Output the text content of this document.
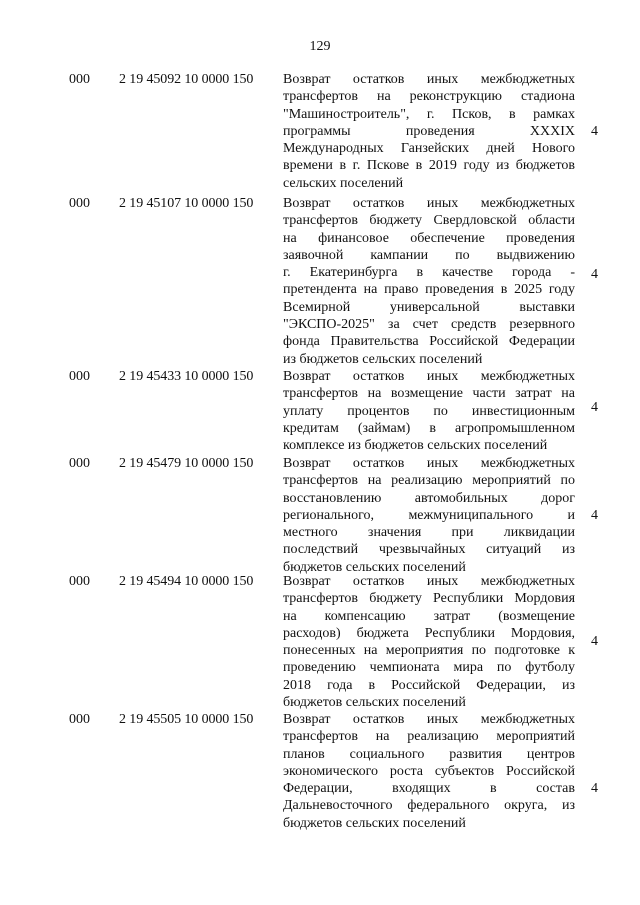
129
000 2 19 45092 10 0000 150 Возврат остатков иных межбюджетных
трансфертов на реконструкцию стадиона
"Машиностроитель", г. Псков, в рамках
программы проведения XXXIX
Международных Ганзейских дней Нового
времени в г. Пскове в 2019 году из бюджетов
сельских поселений
4
000 2 19 45107 10 0000 150 Возврат остатков иных межбюджетных
трансфертов бюджету Свердловской области
на финансовое обеспечение проведения
заявочной кампании по выдвижению
г. Екатеринбурга в качестве города -
претендента на право проведения в 2025 году
Всемирной универсальной выставки
"ЭКСПО-2025" за счет средств резервного
фонда Правительства Российской Федерации
из бюджетов сельских поселений
4
000 2 19 45433 10 0000 150 Возврат остатков иных межбюджетных
трансфертов на возмещение части затрат на
уплату процентов по инвестиционным
кредитам (займам) в агропромышленном
комплексе из бюджетов сельских поселений
4
000 2 19 45479 10 0000 150 Возврат остатков иных межбюджетных
трансфертов на реализацию мероприятий по
восстановлению автомобильных дорог
регионального, межмуниципального и
местного значения при ликвидации
последствий чрезвычайных ситуаций из
бюджетов сельских поселений
4
000 2 19 45494 10 0000 150 Возврат остатков иных межбюджетных
трансфертов бюджету Республики Мордовия
на компенсацию затрат (возмещение
расходов) бюджета Республики Мордовия,
понесенных на мероприятия по подготовке к
проведению чемпионата мира по футболу
2018 года в Российской Федерации, из
бюджетов сельских поселений
4
000 2 19 45505 10 0000 150 Возврат остатков иных межбюджетных
трансфертов на реализацию мероприятий
планов социального развития центров
экономического роста субъектов Российской
Федерации, входящих в состав
Дальневосточного федерального округа, из
бюджетов сельских поселений
4
